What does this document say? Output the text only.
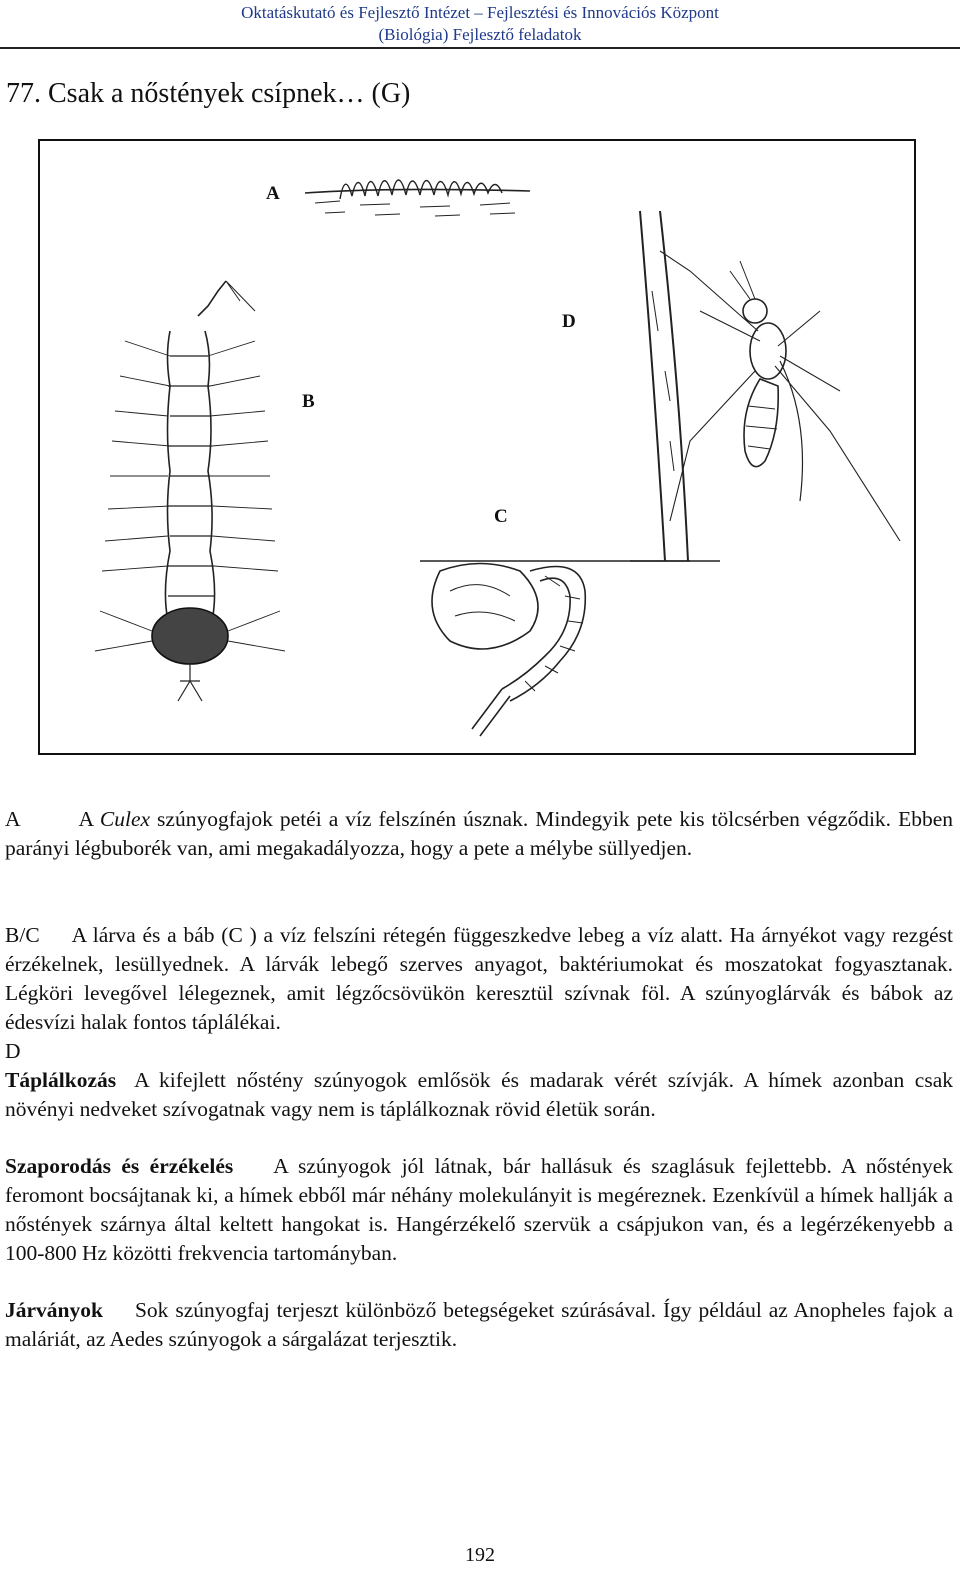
Oktatáskutató és Fejlesztő Intézet – Fejlesztési és Innovációs Központ
(Biológia) Fejlesztő feladatok
77. Csak a nőstények csípnek… (G)
A
D
B
C

A	A Culex szúnyogfajok petéi a víz felszínén úsznak. Mindegyik pete kis tölcsérben végződik. Ebben parányi légbuborék van, ami megakadályozza, hogy a pete a mélybe süllyedjen.

B/C A lárva és a báb (C ) a víz felszíni rétegén függeszkedve lebeg a víz alatt. Ha árnyékot vagy rezgést érzékelnek, lesüllyednek. A lárvák lebegő szerves anyagot, baktériumokat és moszatokat fogyasztanak. Légköri levegővel lélegeznek, amit légzőcsövükön keresztül szívnak föl. A szúnyoglárvák és bábok az édesvízi halak fontos táplálékai.

D

Táplálkozás A kifejlett nőstény szúnyogok emlősök és madarak vérét szívják. A hímek azonban csak növényi nedveket szívogatnak vagy nem is táplálkoznak rövid életük során.

Szaporodás és érzékelés A szúnyogok jól látnak, bár hallásuk és szaglásuk fejlettebb. A nőstények feromont bocsájtanak ki, a hímek ebből már néhány molekulányit is megéreznek. Ezenkívül a hímek hallják a nőstények szárnya által keltett hangokat is. Hangérzékelő szervük a csápjukon van, és a legérzékenyebb a 100-800 Hz közötti frekvencia tartományban.

Járványok Sok szúnyogfaj terjeszt különböző betegségeket szúrásával. Így például az Anopheles fajok a maláriát, az Aedes szúnyogok a sárgalázat terjesztik.

192
